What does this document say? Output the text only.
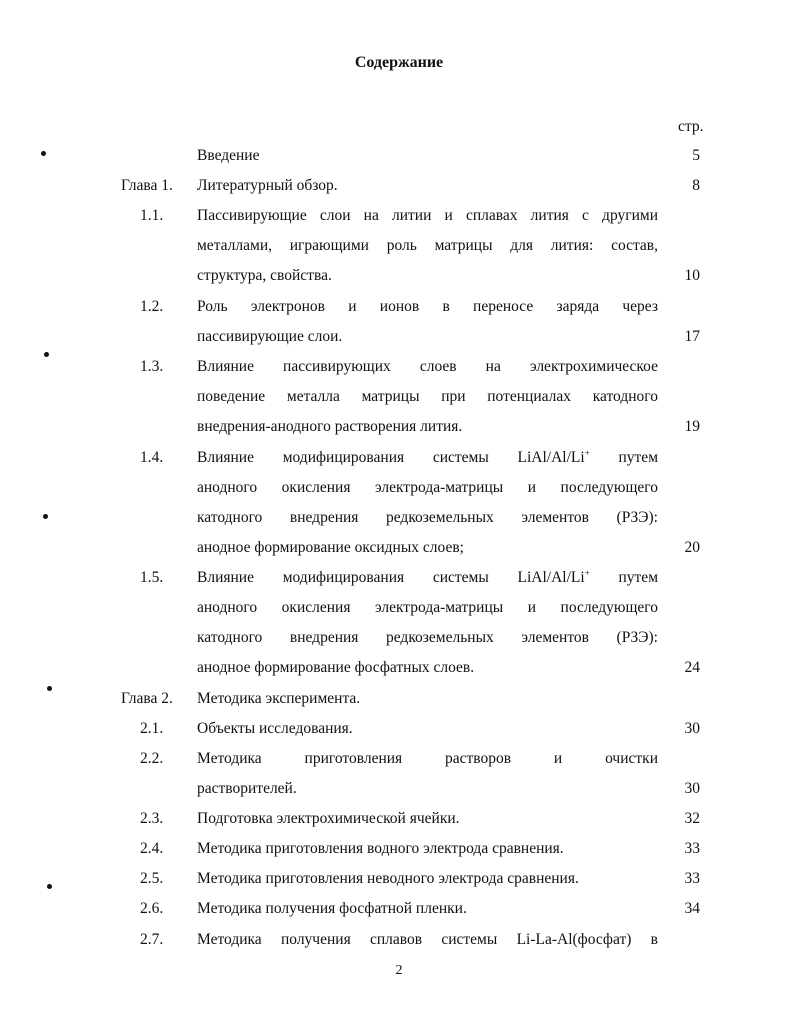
Содержание
стр.
Введение	5
Глава 1. Литературный обзор.	8
1.1. Пассивирующие слои на литии и сплавах лития с другими
металлами, играющими роль матрицы для лития: состав,
структура, свойства.	10
1.2. Роль электронов и ионов в переносе заряда через
пассивирующие слои.	17
1.3. Влияние пассивирующих слоев на электрохимическое
поведение металла матрицы при потенциалах катодного
внедрения-анодного растворения лития.	19
1.4. Влияние модифицирования системы LiAl/Al/Li+ путем
анодного окисления электрода-матрицы и последующего
катодного внедрения редкоземельных элементов (РЗЭ):
анодное формирование оксидных слоев;	20
1.5. Влияние модифицирования системы LiAl/Al/Li+ путем
анодного окисления электрода-матрицы и последующего
катодного внедрения редкоземельных элементов (РЗЭ):
анодное формирование фосфатных слоев.	24
Глава 2. Методика эксперимента.
2.1. Объекты исследования.	30
2.2. Методика приготовления растворов и очистки
растворителей.	30
2.3. Подготовка электрохимической ячейки.	32
2.4. Методика приготовления водного электрода сравнения.	33
2.5. Методика приготовления неводного электрода сравнения.	33
2.6. Методика получения фосфатной пленки.	34
2.7. Методика получения сплавов системы Li-La-Al(фосфат) в
2
